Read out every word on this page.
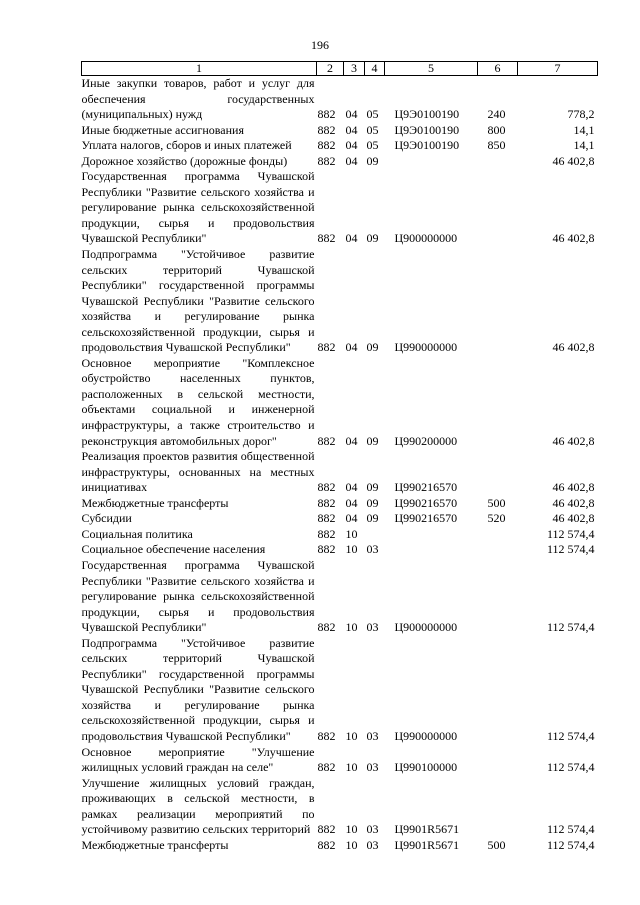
196
1	2	3	4	5	6	7
Иные закупки товаров, работ и услуг для обеспечения государственных (муниципальных) нужд	882	04	05	Ц9Э0100190	240	778,2
Иные бюджетные ассигнования	882	04	05	Ц9Э0100190	800	14,1
Уплата налогов, сборов и иных платежей	882	04	05	Ц9Э0100190	850	14,1
Дорожное хозяйство (дорожные фонды)	882	04	09			46 402,8
Государственная программа Чувашской Республики "Развитие сельского хозяйства и регулирование рынка сельскохозяйственной продукции, сырья и продовольствия Чувашской Республики"	882	04	09	Ц900000000		46 402,8
Подпрограмма "Устойчивое развитие сельских территорий Чувашской Республики" государственной программы Чувашской Республики "Развитие сельского хозяйства и регулирование рынка сельскохозяйственной продукции, сырья и продовольствия Чувашской Республики"	882	04	09	Ц990000000		46 402,8
Основное мероприятие "Комплексное обустройство населенных пунктов, расположенных в сельской местности, объектами социальной и инженерной инфраструктуры, а также строительство и реконструкция автомобильных дорог"	882	04	09	Ц990200000		46 402,8
Реализация проектов развития общественной инфраструктуры, основанных на местных инициативах	882	04	09	Ц990216570		46 402,8
Межбюджетные трансферты	882	04	09	Ц990216570	500	46 402,8
Субсидии	882	04	09	Ц990216570	520	46 402,8
Социальная политика	882	10				112 574,4
Социальное обеспечение населения	882	10	03			112 574,4
Государственная программа Чувашской Республики "Развитие сельского хозяйства и регулирование рынка сельскохозяйственной продукции, сырья и продовольствия Чувашской Республики"	882	10	03	Ц900000000		112 574,4
Подпрограмма "Устойчивое развитие сельских территорий Чувашской Республики" государственной программы Чувашской Республики "Развитие сельского хозяйства и регулирование рынка сельскохозяйственной продукции, сырья и продовольствия Чувашской Республики"	882	10	03	Ц990000000		112 574,4
Основное мероприятие "Улучшение жилищных условий граждан на селе"	882	10	03	Ц990100000		112 574,4
Улучшение жилищных условий граждан, проживающих в сельской местности, в рамках реализации мероприятий по устойчивому развитию сельских территорий	882	10	03	Ц9901R5671		112 574,4
Межбюджетные трансферты	882	10	03	Ц9901R5671	500	112 574,4
